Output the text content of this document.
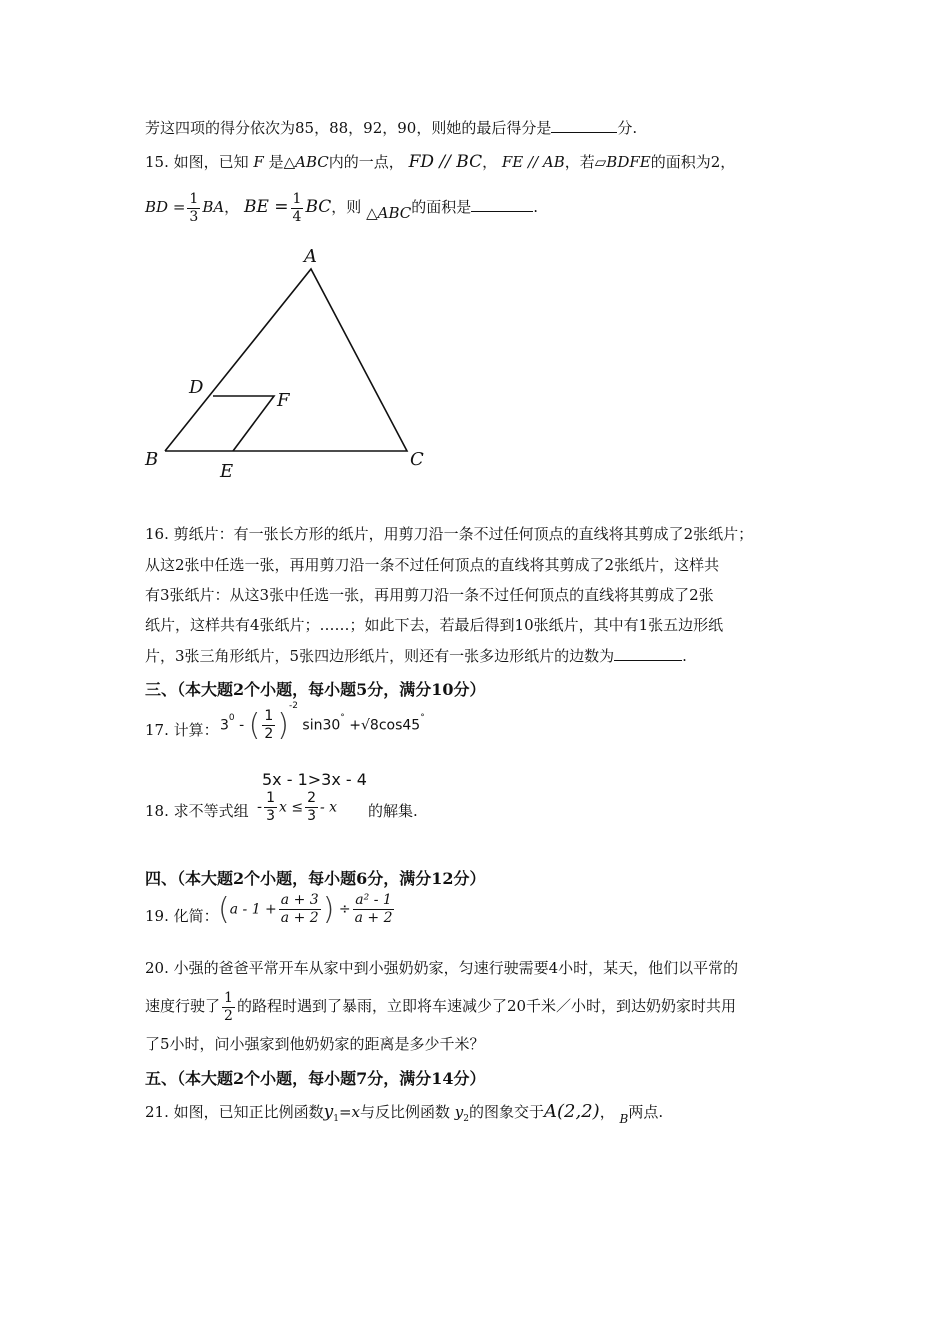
芳这四项的得分依次为85，88，92，90，则她的最后得分是	分.
15. 如图，已知 F 是△ABC内的一点， FD // BC， FE // AB，若▱BDFE的面积为2，
BD = $\frac{1}{3}$ BA， BE = $\frac{1}{4}$ BC，则 △ABC的面积是	.
A
B	C
D
E
F
16. 剪纸片：有一张长方形的纸片，用剪刀沿一条不过任何顶点的直线将其剪成了2张纸片；
从这2张中任选一张，再用剪刀沿一条不过任何顶点的直线将其剪成了2张纸片，这样共
有3张纸片：从这3张中任选一张，再用剪刀沿一条不过任何顶点的直线将其剪成了2张
纸片，这样共有4张纸片；……；如此下去，若最后得到10张纸片，其中有1张五边形纸
片，3张三角形纸片，5张四边形纸片，则还有一张多边形纸片的边数为	.
三、（本大题2个小题，每小题5分，满分10分）
17. 计算： $3^0$ - ( $\frac{1}{2} )^{-2}$ sin30° +√8cos45°
5x - 1>3x - 4
18. 求不等式组 - $\frac{1}{3}$ $x \le \frac{2}{3} - x$ 的解集.
四、（本大题2个小题，每小题6分，满分12分）
19. 化简： ($a - 1 + \frac{a + 3}{a + 2}$ ) ÷ $\frac{\text{a² - 1}}{a + 2}$
20. 小强的爸爸平常开车从家中到小强奶奶家，匀速行驶需要4小时，某天，他们以平常的
速度行驶了 $\frac{1}{2}$ 的路程时遇到了暴雨，立即将车速减少了20千米／小时，到达奶奶家时共用
了5小时，问小强家到他奶奶家的距离是多少千米？
五、（本大题2个小题，每小题7分，满分14分）
21. 如图，已知正比例函数$y_1=x$与反比例函数 $y_2$的图象交于A(2,2)， $_B$两点.
